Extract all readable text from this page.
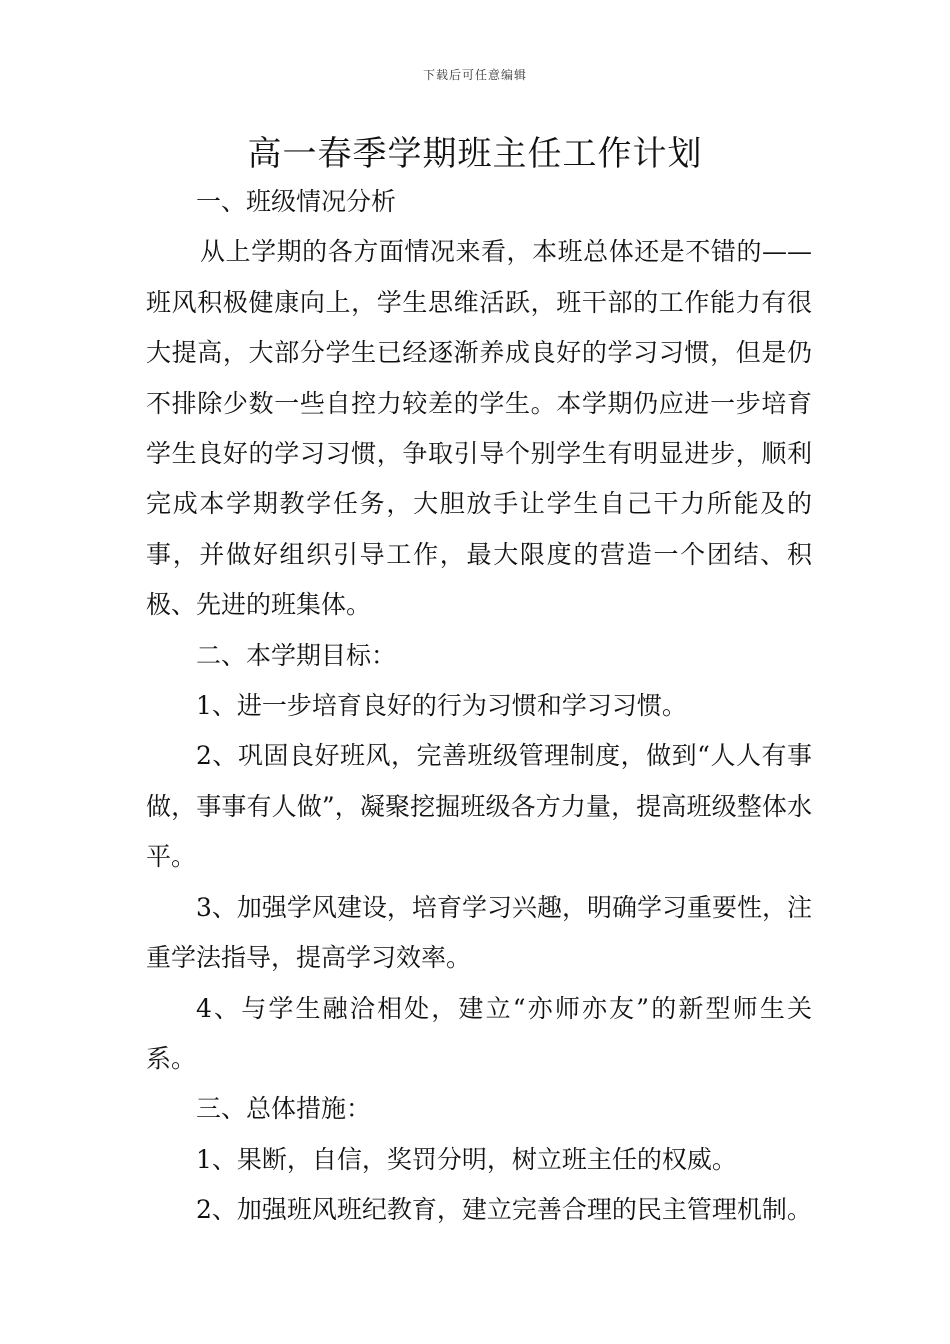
下载后可任意编辑
高一春季学期班主任工作计划

一、班级情况分析

从上学期的各方面情况来看，本班总体还是不错的——班风积极健康向上，学生思维活跃，班干部的工作能力有很大提高，大部分学生已经逐渐养成良好的学习习惯，但是仍不排除少数一些自控力较差的学生。本学期仍应进一步培育学生良好的学习习惯，争取引导个别学生有明显进步，顺利完成本学期教学任务，大胆放手让学生自己干力所能及的事，并做好组织引导工作，最大限度的营造一个团结、积极、先进的班集体。

二、本学期目标：

1、进一步培育良好的行为习惯和学习习惯。

2、巩固良好班风，完善班级管理制度，做到“人人有事做，事事有人做”，凝聚挖掘班级各方力量，提高班级整体水平。

3、加强学风建设，培育学习兴趣，明确学习重要性，注重学法指导，提高学习效率。

4、与学生融洽相处，建立“亦师亦友”的新型师生关系。

三、总体措施：

1、果断，自信，奖罚分明，树立班主任的权威。

2、加强班风班纪教育，建立完善合理的民主管理机制。
